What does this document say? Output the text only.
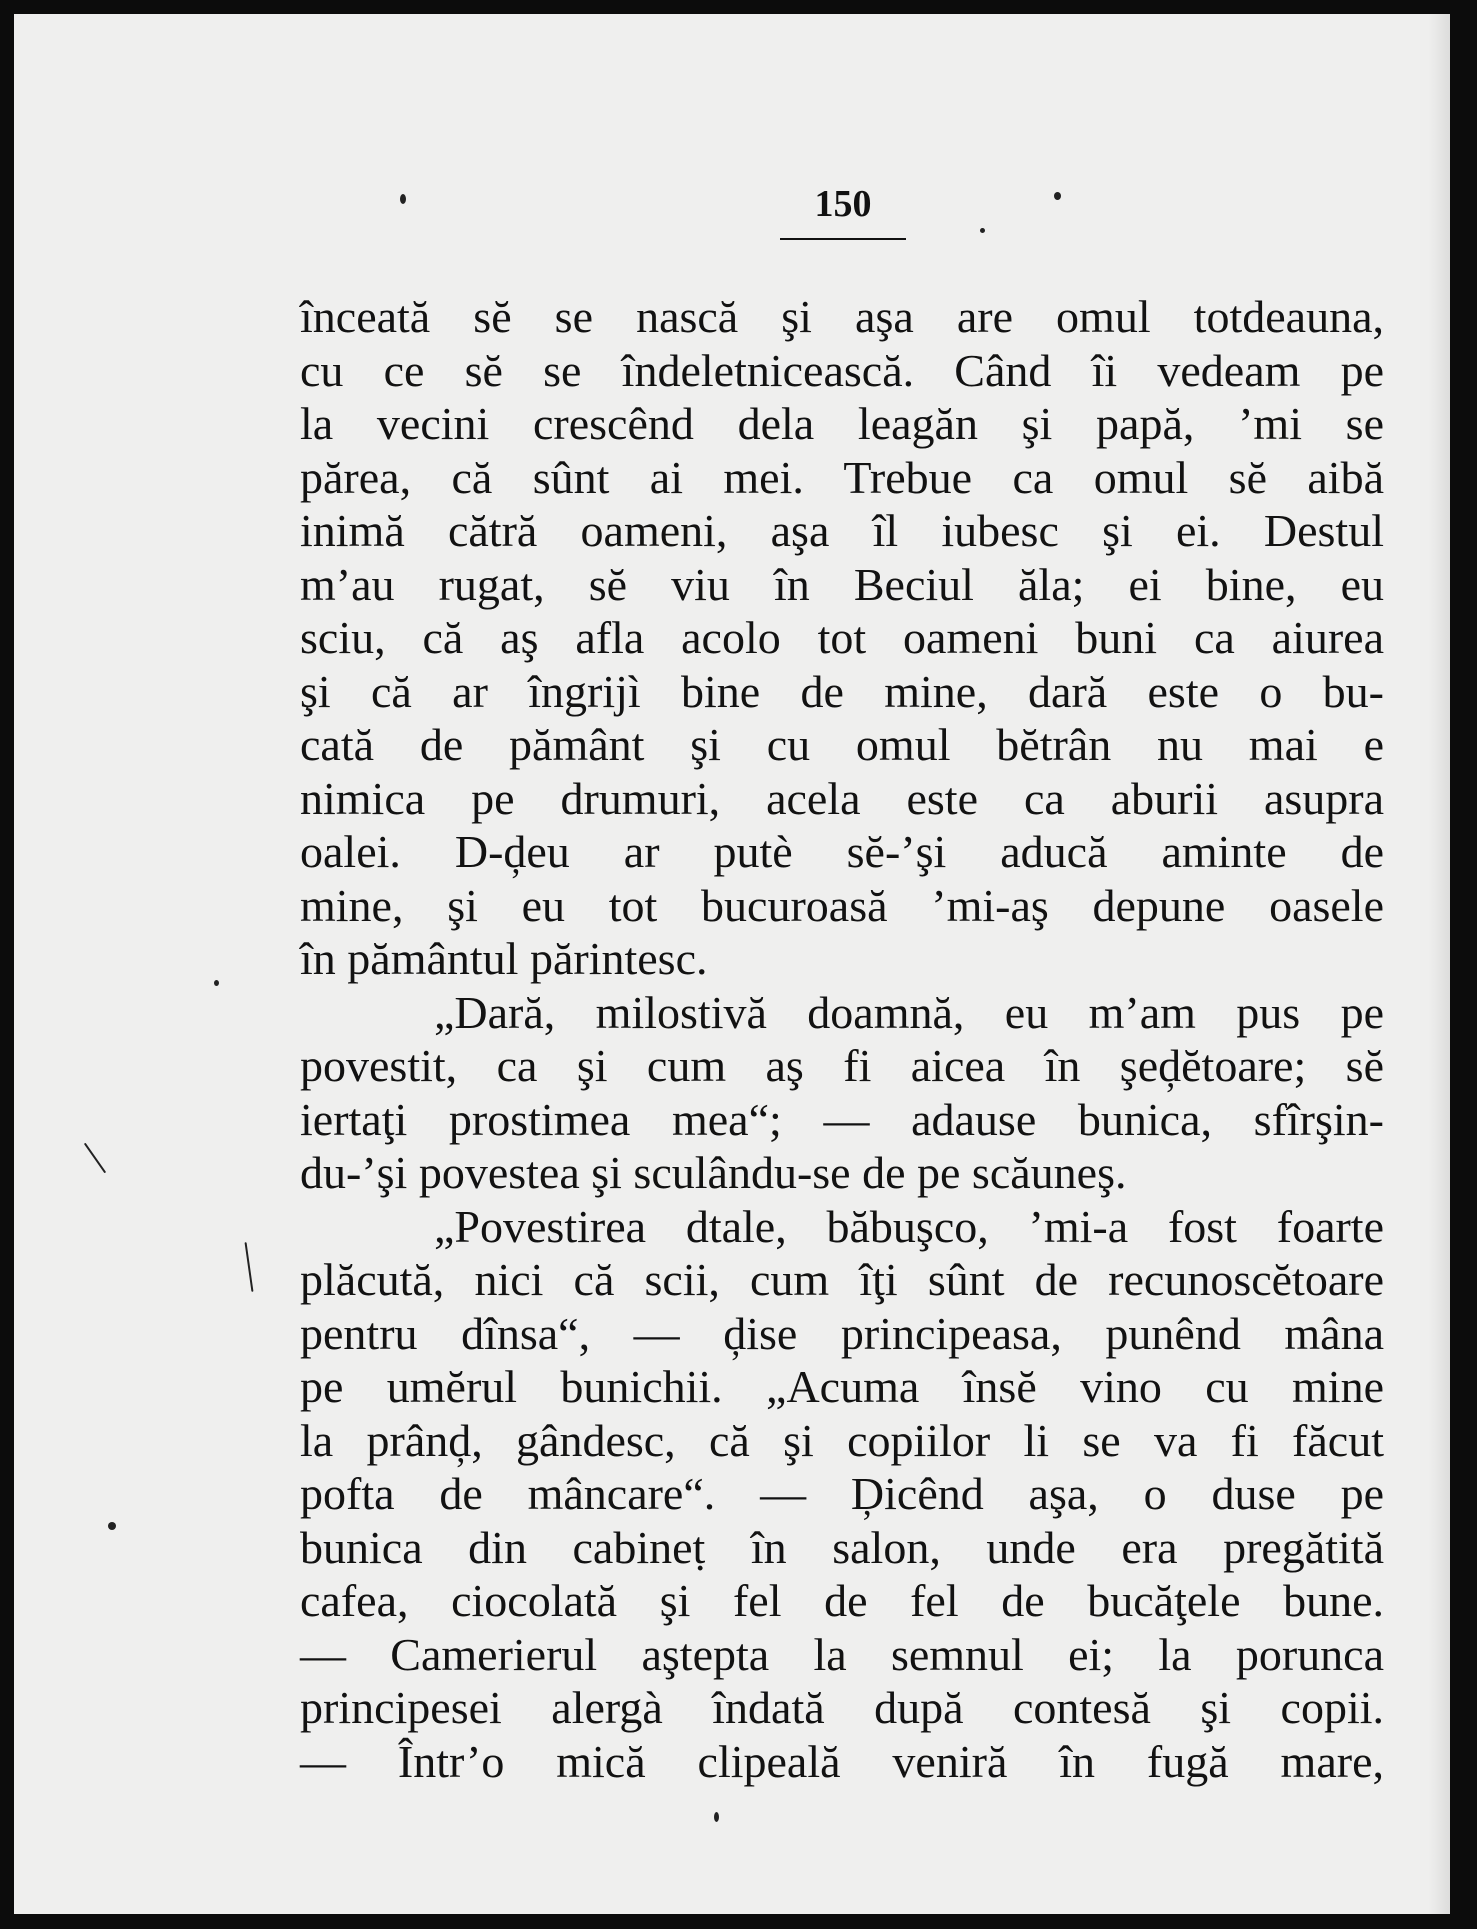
150
înceată sĕ se nască şi aşa are omul totdeauna,
cu ce sĕ se îndeletnicească. Când îi vedeam pe
la vecini crescênd dela leagăn şi papă, ’mi se
părea, că sûnt ai mei. Trebue ca omul sĕ aibă
inimă cătră oameni, aşa îl iubesc şi ei. Destul
m’au rugat, sĕ viu în Beciul ăla; ei bine, eu
sciu, că aş afla acolo tot oameni buni ca aiurea
şi că ar îngrijì bine de mine, dară este o bu-
cată de pământ şi cu omul bĕtrân nu mai e
nimica pe drumuri, acela este ca aburii asupra
oalei. D-ḑeu ar putè sĕ-’şi aducă aminte de
mine, şi eu tot bucuroasă ’mi-aş depune oasele
în pământul părintesc.
„Dară, milostivă doamnă, eu m’am pus pe
povestit, ca şi cum aş fi aicea în şeḑĕtoare; sĕ
iertaţi prostimea mea“; — adause bunica, sfîrşin-
du-’şi povestea şi sculându-se de pe scăuneş.
„Povestirea dtale, băbuşco, ’mi-a fost foarte
plăcută, nici că scii, cum îţi sûnt de recunoscĕtoare
pentru dînsa“, — ḑise principeasa, punênd mâna
pe umĕrul bunichii. „Acuma însĕ vino cu mine
la prânḑ, gândesc, că şi copiilor li se va fi făcut
pofta de mâncare“. — Ḑicênd aşa, o duse pe
bunica din cabineṭ în salon, unde era pregătită
cafea, ciocolată şi fel de fel de bucăţele bune.
— Camerierul aştepta la semnul ei; la porunca
principesei alergà îndată după contesă şi copii.
— Într’o mică clipeală veniră în fugă mare,
